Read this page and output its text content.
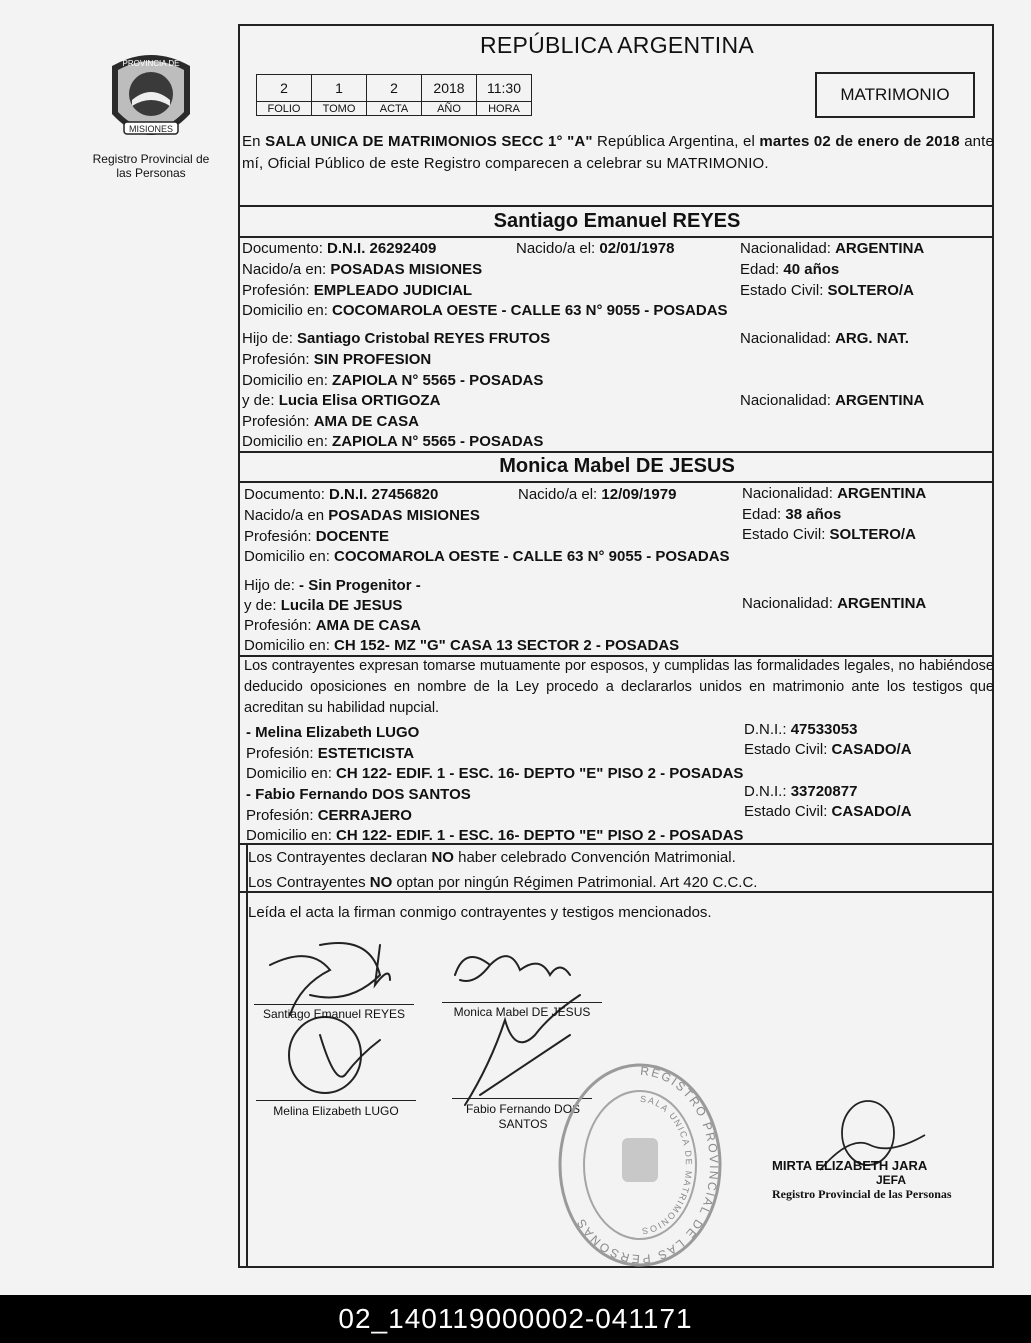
PROVINCIA DE
MISIONES
Registro Provincial de las Personas
REPÚBLICA ARGENTINA
2	1	2	2018	11:30
FOLIO	TOMO	ACTA	AÑO	HORA
MATRIMONIO
En SALA UNICA DE MATRIMONIOS SECC 1° "A" República Argentina, el martes 02 de enero de 2018 ante mí, Oficial Público de este Registro comparecen a celebrar su MATRIMONIO.
Santiago Emanuel REYES
Documento: D.N.I. 26292409	Nacido/a el: 02/01/1978	Nacionalidad: ARGENTINA
Nacido/a en: POSADAS MISIONES	Edad: 40 años
Profesión: EMPLEADO JUDICIAL	Estado Civil: SOLTERO/A
Domicilio en: COCOMAROLA OESTE - CALLE 63 N° 9055 - POSADAS
Hijo de: Santiago Cristobal REYES FRUTOS	Nacionalidad: ARG. NAT.
Profesión: SIN PROFESION
Domicilio en: ZAPIOLA N° 5565 - POSADAS
y de: Lucia Elisa ORTIGOZA	Nacionalidad: ARGENTINA
Profesión: AMA DE CASA
Domicilio en: ZAPIOLA N° 5565 - POSADAS
Monica Mabel DE JESUS
Documento: D.N.I. 27456820	Nacido/a el: 12/09/1979	Nacionalidad: ARGENTINA
Nacido/a en POSADAS MISIONES	Edad: 38 años
Profesión: DOCENTE	Estado Civil: SOLTERO/A
Domicilio en: COCOMAROLA OESTE - CALLE 63 N° 9055 - POSADAS
Hijo de: - Sin Progenitor -
y de: Lucila DE JESUS	Nacionalidad: ARGENTINA
Profesión: AMA DE CASA
Domicilio en: CH 152- MZ "G" CASA 13 SECTOR 2 - POSADAS
Los contrayentes expresan tomarse mutuamente por esposos, y cumplidas las formalidades legales, no habiéndose deducido oposiciones en nombre de la Ley procedo a declararlos unidos en matrimonio ante los testigos que acreditan su habilidad nupcial.
- Melina Elizabeth LUGO	D.N.I.: 47533053
Profesión: ESTETICISTA	Estado Civil: CASADO/A
Domicilio en: CH 122- EDIF. 1 - ESC. 16- DEPTO "E" PISO 2 - POSADAS
- Fabio Fernando DOS SANTOS	D.N.I.: 33720877
Profesión: CERRAJERO	Estado Civil: CASADO/A
Domicilio en: CH 122- EDIF. 1 - ESC. 16- DEPTO "E" PISO 2 - POSADAS
Los Contrayentes declaran NO haber celebrado Convención Matrimonial.
Los Contrayentes NO optan por ningún Régimen Patrimonial. Art 420 C.C.C.
Leída el acta la firman conmigo contrayentes y testigos mencionados.
Santiago Emanuel REYES	Monica Mabel DE JESUS
Melina Elizabeth LUGO	Fabio Fernando DOS
SANTOS
REGISTRO PROVINCIAL DE LAS PERSONAS
SALA UNICA DE MATRIMONIOS
MIRTA ELIZABETH JARA
JEFA
Registro Provincial de las Personas
02_140119000002-041171
